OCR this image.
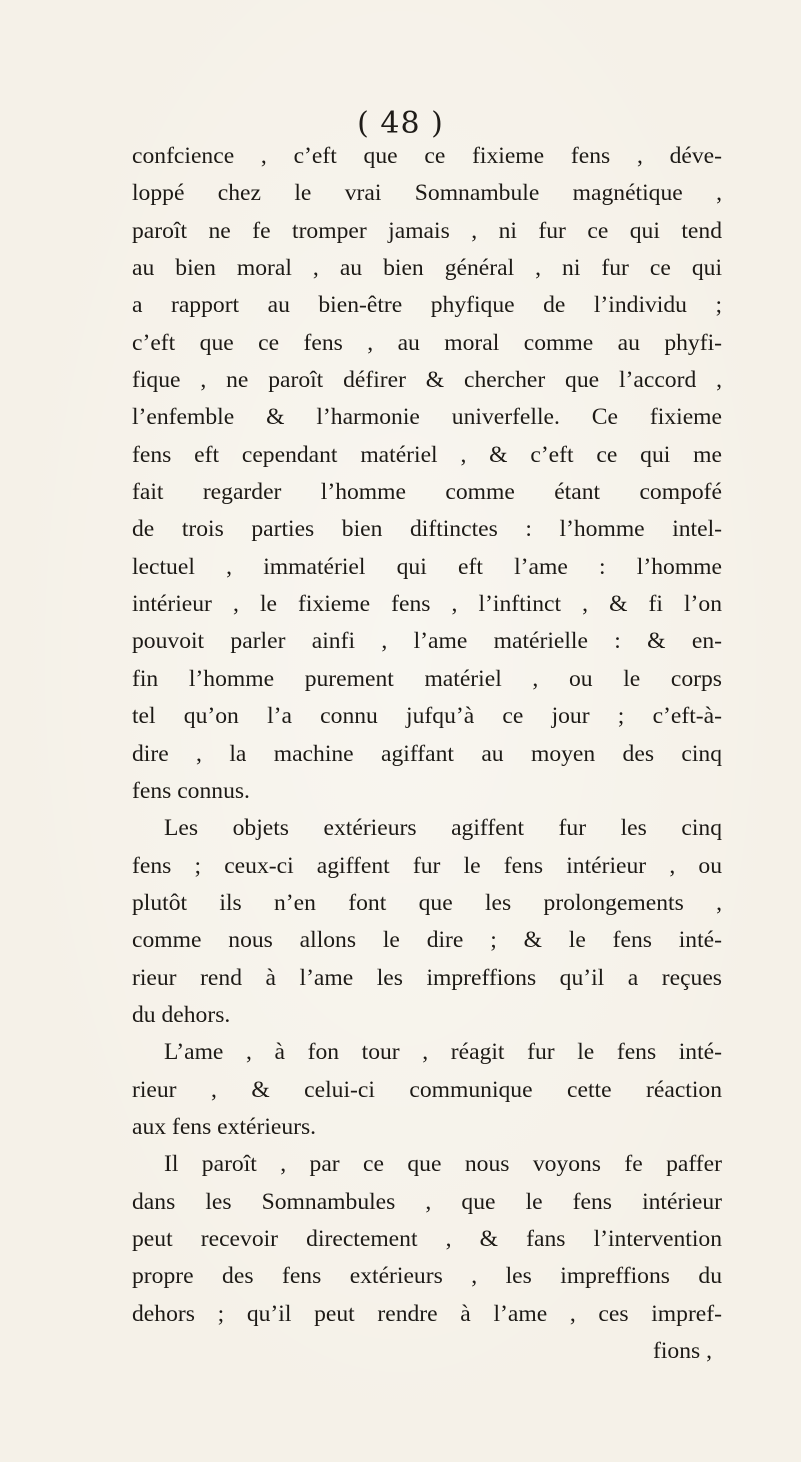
( 48 )
confcience , c’eft que ce fixieme fens , déve-
loppé chez le vrai Somnambule magnétique ,
paroît ne fe tromper jamais , ni fur ce qui tend
au bien moral , au bien général , ni fur ce qui
a rapport au bien-être phyfique de l’individu ;
c’eft que ce fens , au moral comme au phyfi-
fique , ne paroît défirer & chercher que l’accord ,
l’enfemble & l’harmonie univerfelle. Ce fixieme
fens eft cependant matériel , & c’eft ce qui me
fait regarder l’homme comme étant compofé
de trois parties bien diftinctes : l’homme intel-
lectuel , immatériel qui eft l’ame : l’homme
intérieur , le fixieme fens , l’inftinct , & fi l’on
pouvoit parler ainfi , l’ame matérielle : & en-
fin l’homme purement matériel , ou le corps
tel qu’on l’a connu jufqu’à ce jour ; c’eft-à-
dire , la machine agiffant au moyen des cinq
fens connus.
Les objets extérieurs agiffent fur les cinq
fens ; ceux-ci agiffent fur le fens intérieur , ou
plutôt ils n’en font que les prolongements ,
comme nous allons le dire ; & le fens inté-
rieur rend à l’ame les impreffions qu’il a reçues
du dehors.
L’ame , à fon tour , réagit fur le fens inté-
rieur , & celui-ci communique cette réaction
aux fens extérieurs.
Il paroît , par ce que nous voyons fe paffer
dans les Somnambules , que le fens intérieur
peut recevoir directement , & fans l’intervention
propre des fens extérieurs , les impreffions du
dehors ; qu’il peut rendre à l’ame , ces impref-
fions ,
